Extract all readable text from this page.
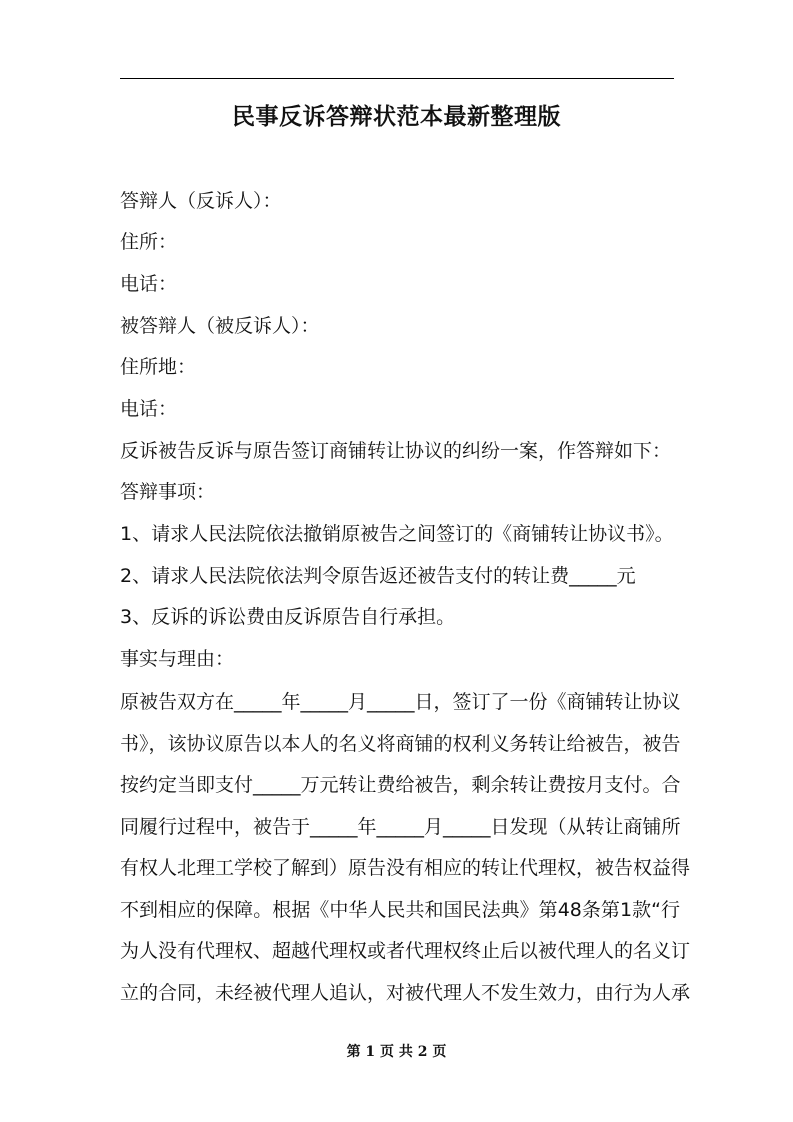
民事反诉答辩状范本最新整理版
答辩人（反诉人）：
住所：
电话：
被答辩人（被反诉人）：
住所地：
电话：
反诉被告反诉与原告签订商铺转让协议的纠纷一案，作答辩如下：
答辩事项：
1、请求人民法院依法撤销原被告之间签订的《商铺转让协议书》。
2、请求人民法院依法判令原告返还被告支付的转让费_____元
3、反诉的诉讼费由反诉原告自行承担。
事实与理由：
原被告双方在_____年_____月_____日，签订了一份《商铺转让协议
书》，该协议原告以本人的名义将商铺的权利义务转让给被告，被告
按约定当即支付_____万元转让费给被告，剩余转让费按月支付。合
同履行过程中，被告于_____年_____月_____日发现（从转让商铺所
有权人北理工学校了解到）原告没有相应的转让代理权，被告权益得
不到相应的保障。根据《中华人民共和国民法典》第48条第1款“行
为人没有代理权、超越代理权或者代理权终止后以被代理人的名义订
立的合同，未经被代理人追认，对被代理人不发生效力，由行为人承
第 1 页 共 2 页
